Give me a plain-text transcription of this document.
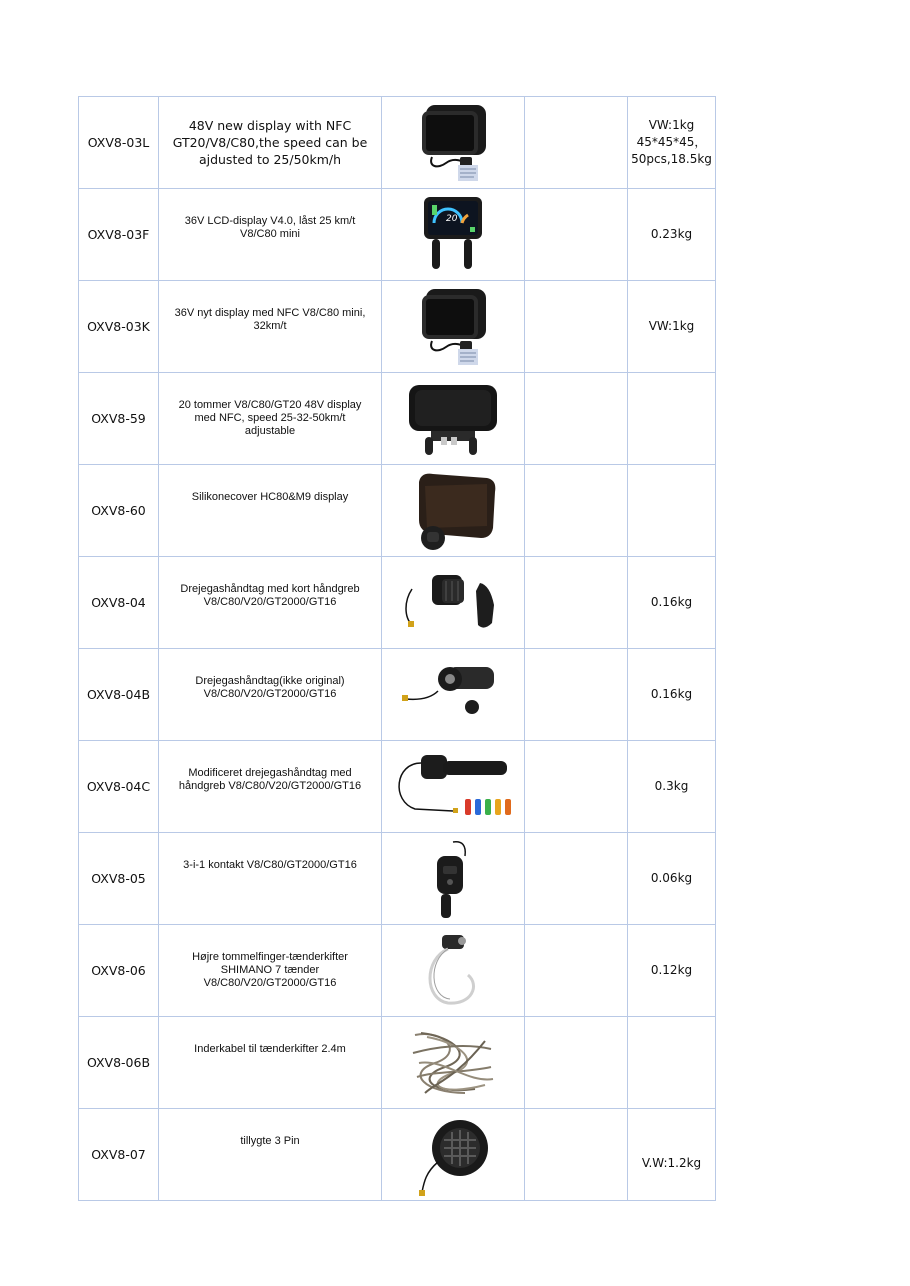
OXV8-03L	48V new display with NFC GT20/V8/C80,the speed can be ajdusted to 25/50km/h			VW:1kg
45*45*45，
50pcs,18.5kg
OXV8-03F	36V LCD-display V4.0, låst 25 km/t
V8/C80 mini	20		0.23kg
OXV8-03K	36V nyt display med NFC V8/C80 mini,
32km/t			VW:1kg
OXV8-59	20 tommer V8/C80/GT20 48V display
med NFC, speed 25-32-50km/t
adjustable

OXV8-60	Silikonecover HC80&M9 display

OXV8-04	Drejegashåndtag med kort håndgreb
V8/C80/V20/GT2000/GT16			0.16kg
OXV8-04B	Drejegashåndtag(ikke original)
V8/C80/V20/GT2000/GT16			0.16kg
OXV8-04C	Modificeret drejegashåndtag med
håndgreb V8/C80/V20/GT2000/GT16			0.3kg
OXV8-05	3-i-1 kontakt V8/C80/GT2000/GT16			0.06kg
OXV8-06	Højre tommelfinger-tænderkifter
SHIMANO 7 tænder
V8/C80/V20/GT2000/GT16			0.12kg
OXV8-06B	Inderkabel til tænderkifter 2.4m

OXV8-07	tillygte 3 Pin			V.W:1.2kg
